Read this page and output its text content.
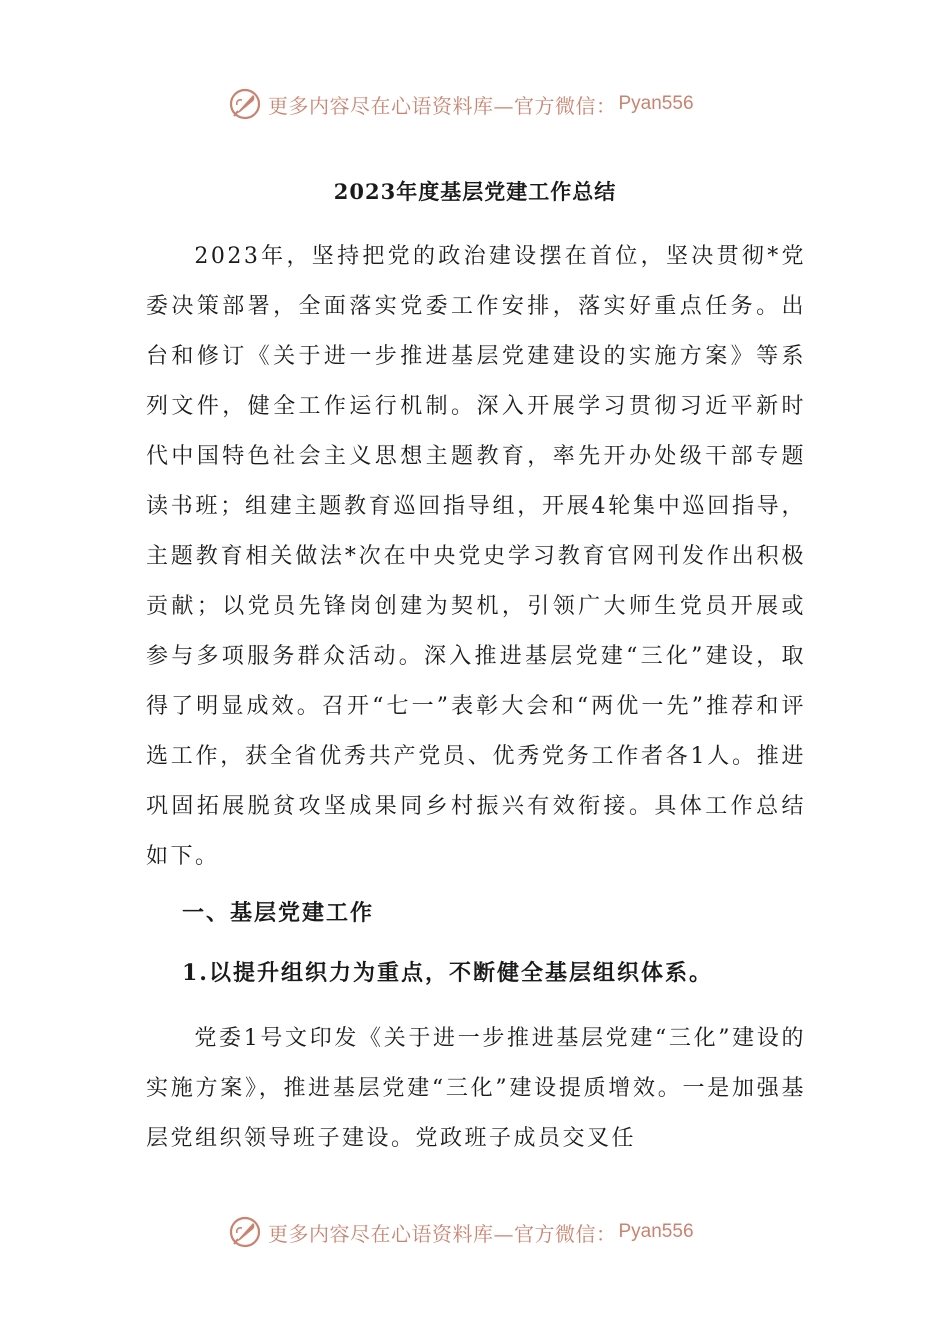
更多内容尽在心语资料库—官方微信： Pyan556
2023年度基层党建工作总结

2023年，坚持把党的政治建设摆在首位，坚决贯彻*党委决策部署，全面落实党委工作安排，落实好重点任务。出台和修订《关于进一步推进基层党建建设的实施方案》等系列文件，健全工作运行机制。深入开展学习贯彻习近平新时代中国特色社会主义思想主题教育，率先开办处级干部专题读书班；组建主题教育巡回指导组，开展4轮集中巡回指导，主题教育相关做法*次在中央党史学习教育官网刊发作出积极贡献；以党员先锋岗创建为契机，引领广大师生党员开展或参与多项服务群众活动。深入推进基层党建“三化”建设，取得了明显成效。召开“七一”表彰大会和“两优一先”推荐和评选工作，获全省优秀共产党员、优秀党务工作者各1人。推进巩固拓展脱贫攻坚成果同乡村振兴有效衔接。具体工作总结如下。

一、基层党建工作
1.以提升组织力为重点，不断健全基层组织体系。

党委1号文印发《关于进一步推进基层党建“三化”建设的实施方案》，推进基层党建“三化”建设提质增效。一是加强基层党组织领导班子建设。党政班子成员交叉任

更多内容尽在心语资料库—官方微信： Pyan556
